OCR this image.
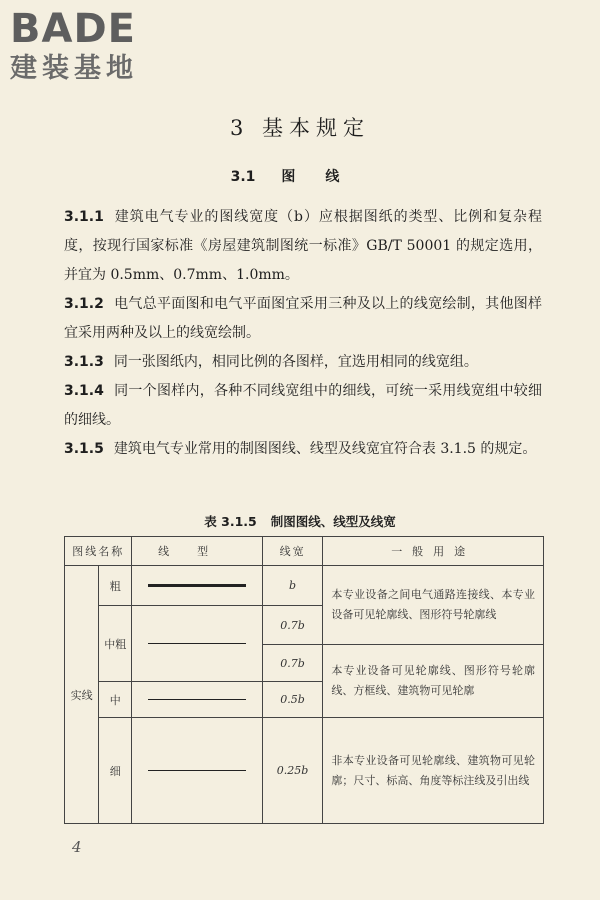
BADE
建装基地
3 基本规定
3.1 图线
3.1.1 建筑电气专业的图线宽度（b）应根据图纸的类型、比例和复杂程度，按现行国家标准《房屋建筑制图统一标准》GB/T 50001 的规定选用，并宜为 0.5mm、0.7mm、1.0mm。
3.1.2 电气总平面图和电气平面图宜采用三种及以上的线宽绘制，其他图样宜采用两种及以上的线宽绘制。
3.1.3 同一张图纸内，相同比例的各图样，宜选用相同的线宽组。
3.1.4 同一个图样内，各种不同线宽组中的细线，可统一采用线宽组中较细的细线。
3.1.5 建筑电气专业常用的制图图线、线型及线宽宜符合表 3.1.5 的规定。
表 3.1.5 制图图线、线型及线宽
图线名称		线型	线宽	一般用途
实线	粗		b	本专业设备之间电气通路连接线、本专业设备可见轮廓线、图形符号轮廓线
	中粗		0.7b	
			0.7b	本专业设备可见轮廓线、图形符号轮廓线、方框线、建筑物可见轮廓
	中		0.5b	
	细		0.25b	非本专业设备可见轮廓线、建筑物可见轮廓；尺寸、标高、角度等标注线及引出线
4
